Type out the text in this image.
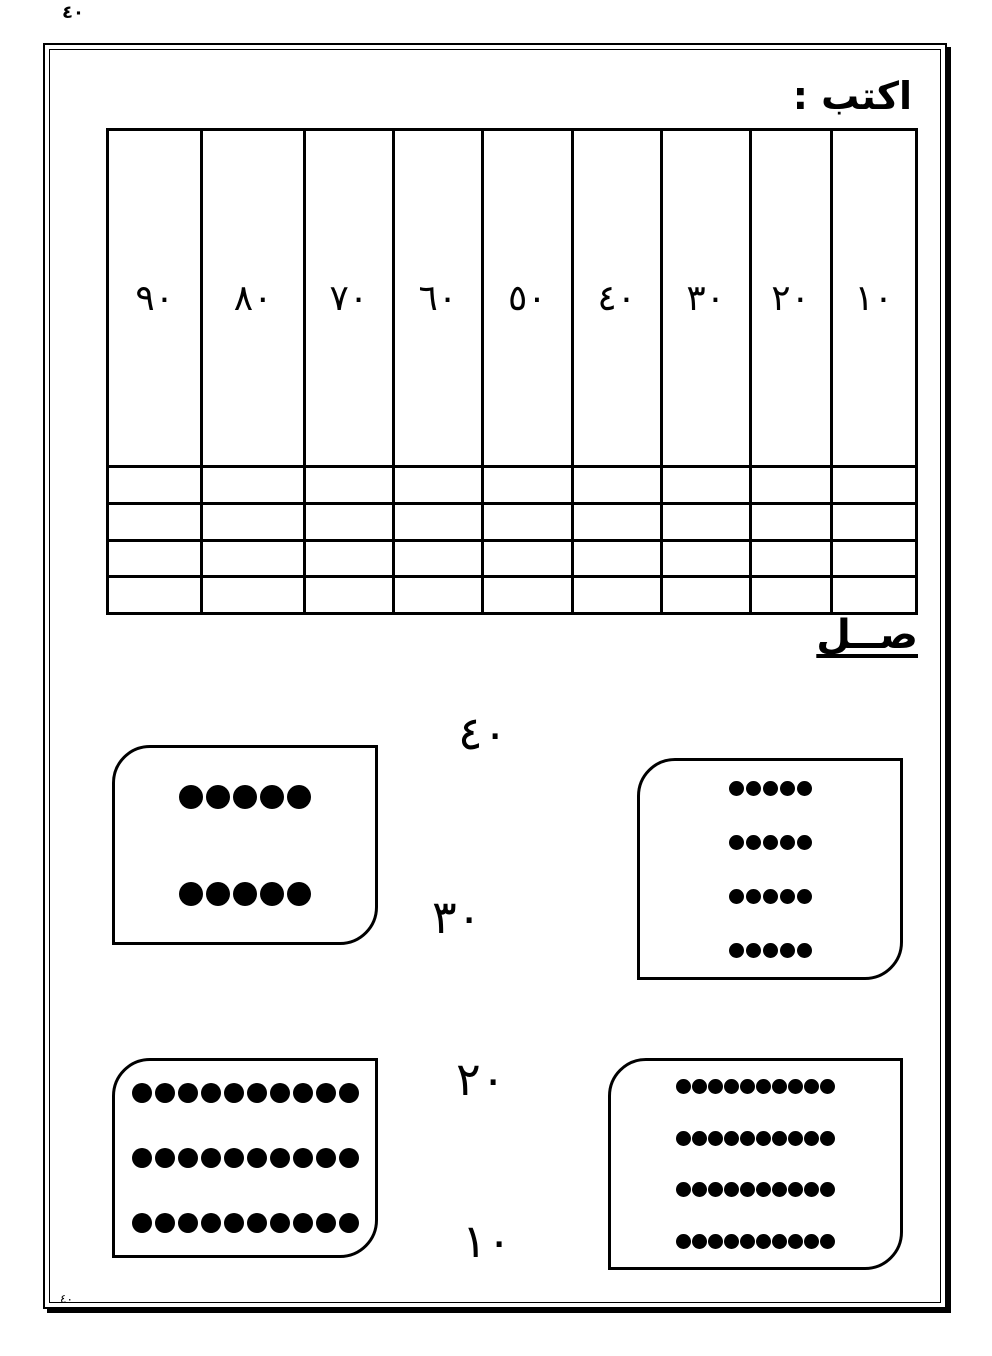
٤٠
اكتب :
٩٠	٨٠	٧٠	٦٠	٥٠	٤٠	٣٠	٢٠	١٠

صــل
٤٠
٣٠
٢٠
١٠
٤٠
